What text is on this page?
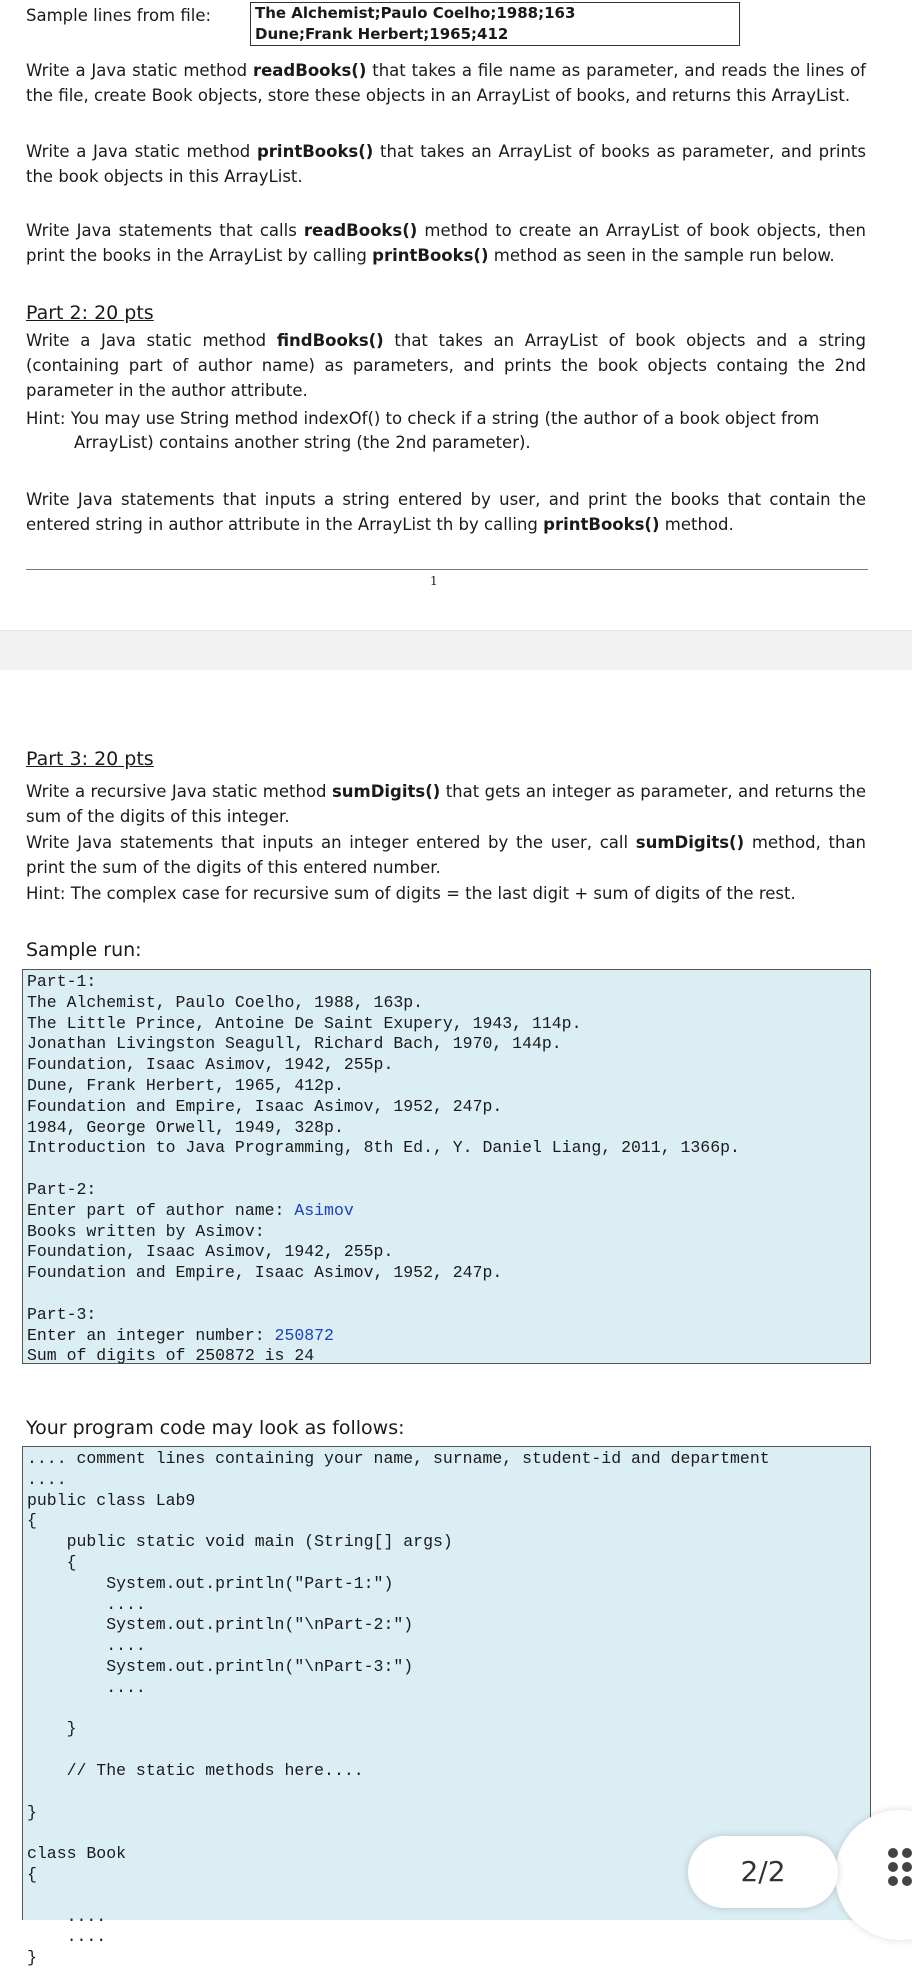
Sample lines from file:	The Alchemist;Paulo Coelho;1988;163
Dune;Frank Herbert;1965;412

Write a Java static method readBooks() that takes a file name as parameter, and reads the lines of the file, create Book objects, store these objects in an ArrayList of books, and returns this ArrayList.

Write a Java static method printBooks() that takes an ArrayList of books as parameter, and prints the book objects in this ArrayList.

Write Java statements that calls readBooks() method to create an ArrayList of book objects, then print the books in the ArrayList by calling printBooks() method as seen in the sample run below.

Part 2: 20 pts

Write a Java static method findBooks() that takes an ArrayList of book objects and a string (containing part of author name) as parameters, and prints the book objects containg the 2nd parameter in the author attribute.

Hint: You may use String method indexOf() to check if a string (the author of a book object from

ArrayList) contains another string (the 2nd parameter).

Write Java statements that inputs a string entered by user, and print the books that contain the entered string in author attribute in the ArrayList th by calling printBooks() method.

1
Part 3: 20 pts

Write a recursive Java static method sumDigits() that gets an integer as parameter, and returns the sum of the digits of this integer.

Write Java statements that inputs an integer entered by the user, call sumDigits() method, than print the sum of the digits of this entered number.

Hint: The complex case for recursive sum of digits = the last digit + sum of digits of the rest.

Sample run:
Part-1:
The Alchemist, Paulo Coelho, 1988, 163p.
The Little Prince, Antoine De Saint Exupery, 1943, 114p.
Jonathan Livingston Seagull, Richard Bach, 1970, 144p.
Foundation, Isaac Asimov, 1942, 255p.
Dune, Frank Herbert, 1965, 412p.
Foundation and Empire, Isaac Asimov, 1952, 247p.
1984, George Orwell, 1949, 328p.
Introduction to Java Programming, 8th Ed., Y. Daniel Liang, 2011, 1366p.
Part-2:
Enter part of author name: Asimov
Books written by Asimov:
Foundation, Isaac Asimov, 1942, 255p.
Foundation and Empire, Isaac Asimov, 1952, 247p.
Part-3:
Enter an integer number: 250872
Sum of digits of 250872 is 24

Your program code may look as follows:

.... comment lines containing your name, surname, student-id and department
....
public class Lab9
{
public static void main (String[] args)
{
System.out.println("Part-1:")
....
System.out.println("\nPart-2:")
....
System.out.println("\nPart-3:")
....
}
// The static methods here....
}
class Book
{
....
....
}
2/2
